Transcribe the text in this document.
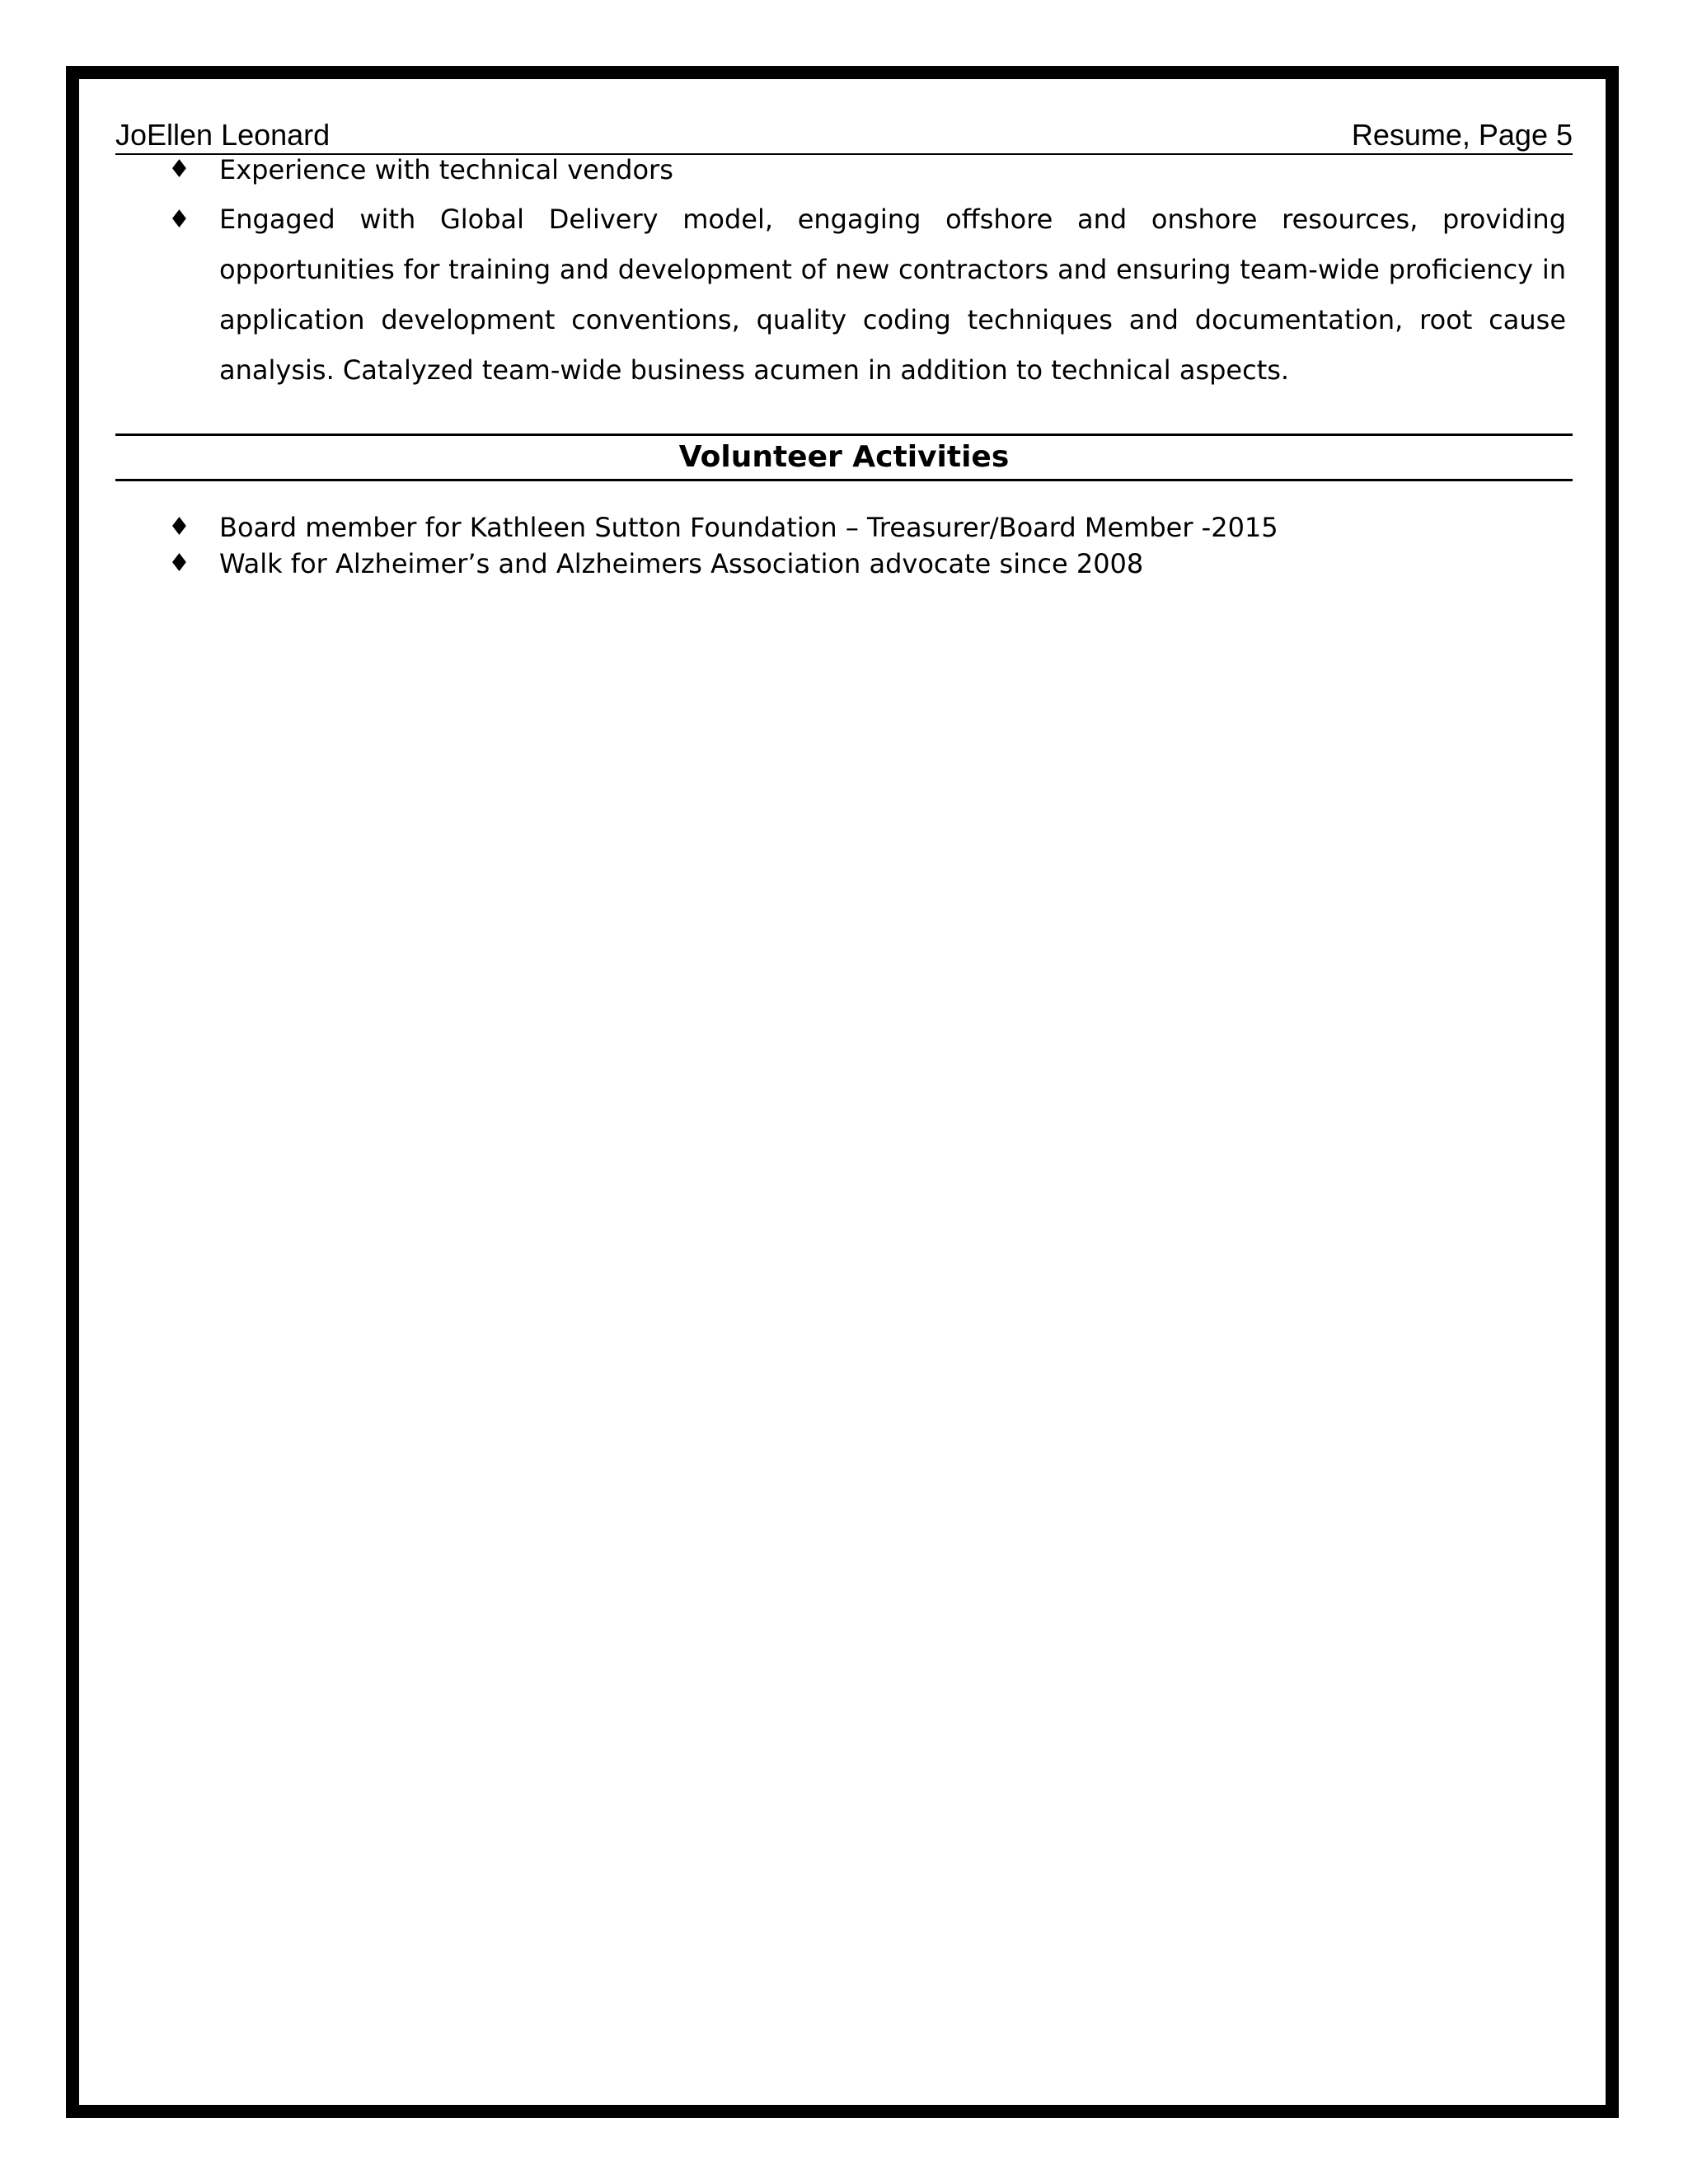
JoEllen Leonard	Resume, Page 5
♦ Experience with technical vendors
♦ Engaged with Global Delivery model, engaging offshore and onshore resources, providing opportunities for training and development of new contractors and ensuring team-wide proficiency in application development conventions, quality coding techniques and documentation, root cause analysis. Catalyzed team-wide business acumen in addition to technical aspects.
Volunteer Activities
♦ Board member for Kathleen Sutton Foundation – Treasurer/Board Member -2015
♦ Walk for Alzheimer’s and Alzheimers Association advocate since 2008
